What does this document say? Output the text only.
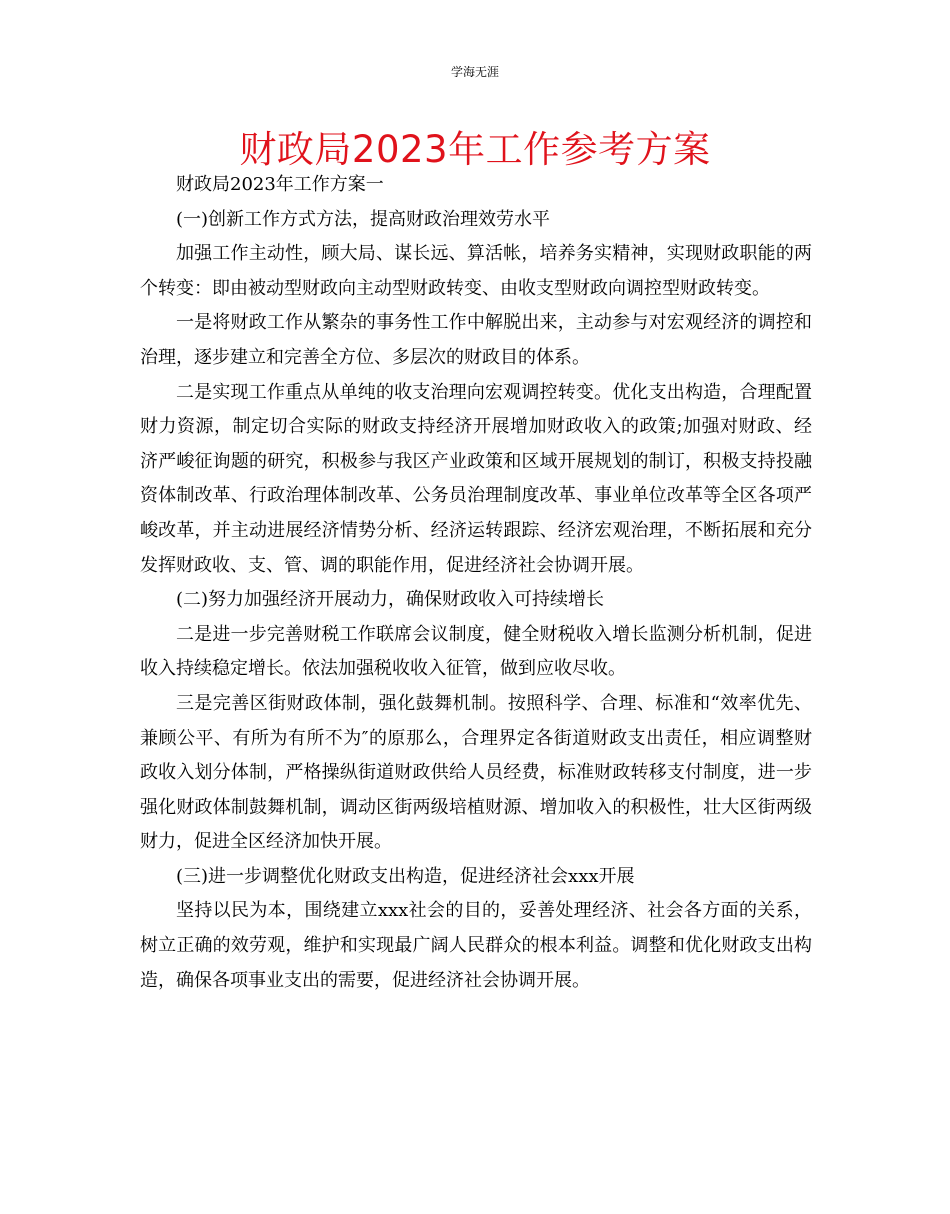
学海无涯
财政局2023年工作参考方案

财政局2023年工作方案一

(一)创新工作方式方法，提高财政治理效劳水平

加强工作主动性，顾大局、谋长远、算活帐，培养务实精神，实现财政职能的两个转变：即由被动型财政向主动型财政转变、由收支型财政向调控型财政转变。

一是将财政工作从繁杂的事务性工作中解脱出来，主动参与对宏观经济的调控和治理，逐步建立和完善全方位、多层次的财政目的体系。

二是实现工作重点从单纯的收支治理向宏观调控转变。优化支出构造，合理配置财力资源，制定切合实际的财政支持经济开展增加财政收入的政策;加强对财政、经济严峻征询题的研究，积极参与我区产业政策和区域开展规划的制订，积极支持投融资体制改革、行政治理体制改革、公务员治理制度改革、事业单位改革等全区各项严峻改革，并主动进展经济情势分析、经济运转跟踪、经济宏观治理，不断拓展和充分发挥财政收、支、管、调的职能作用，促进经济社会协调开展。

(二)努力加强经济开展动力，确保财政收入可持续增长

二是进一步完善财税工作联席会议制度，健全财税收入增长监测分析机制，促进收入持续稳定增长。依法加强税收收入征管，做到应收尽收。

三是完善区街财政体制，强化鼓舞机制。按照科学、合理、标准和“效率优先、兼顾公平、有所为有所不为″的原那么，合理界定各街道财政支出责任，相应调整财政收入划分体制，严格操纵街道财政供给人员经费，标准财政转移支付制度，进一步强化财政体制鼓舞机制，调动区街两级培植财源、增加收入的积极性，壮大区街两级财力，促进全区经济加快开展。

(三)进一步调整优化财政支出构造，促进经济社会xxx开展

坚持以民为本，围绕建立xxx社会的目的，妥善处理经济、社会各方面的关系，树立正确的效劳观，维护和实现最广阔人民群众的根本利益。调整和优化财政支出构造，确保各项事业支出的需要，促进经济社会协调开展。
